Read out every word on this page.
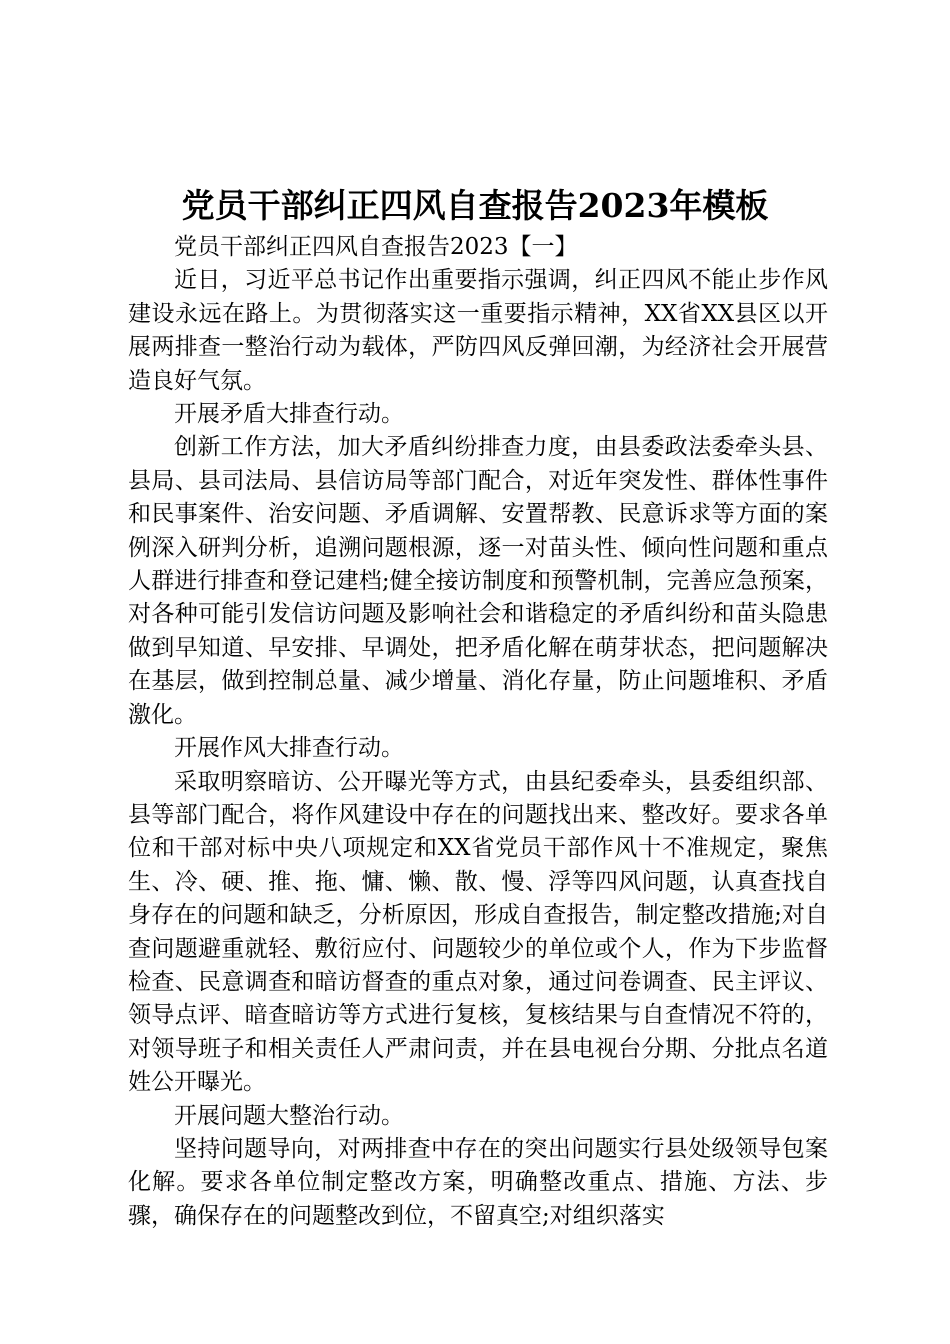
党员干部纠正四风自查报告2023年模板

党员干部纠正四风自查报告2023【一】

近日，习近平总书记作出重要指示强调，纠正四风不能止步作风建设永远在路上。为贯彻落实这一重要指示精神，XX省XX县区以开展两排查一整治行动为载体，严防四风反弹回潮，为经济社会开展营造良好气氛。

开展矛盾大排查行动。

创新工作方法，加大矛盾纠纷排查力度，由县委政法委牵头县、县局、县司法局、县信访局等部门配合，对近年突发性、群体性事件和民事案件、治安问题、矛盾调解、安置帮教、民意诉求等方面的案例深入研判分析，追溯问题根源，逐一对苗头性、倾向性问题和重点人群进行排查和登记建档;健全接访制度和预警机制，完善应急预案，对各种可能引发信访问题及影响社会和谐稳定的矛盾纠纷和苗头隐患做到早知道、早安排、早调处，把矛盾化解在萌芽状态，把问题解决在基层，做到控制总量、减少增量、消化存量，防止问题堆积、矛盾激化。

开展作风大排查行动。

采取明察暗访、公开曝光等方式，由县纪委牵头，县委组织部、县等部门配合，将作风建设中存在的问题找出来、整改好。要求各单位和干部对标中央八项规定和XX省党员干部作风十不准规定，聚焦生、冷、硬、推、拖、慵、懒、散、慢、浮等四风问题，认真查找自身存在的问题和缺乏，分析原因，形成自查报告，制定整改措施;对自查问题避重就轻、敷衍应付、问题较少的单位或个人，作为下步监督检查、民意调查和暗访督查的重点对象，通过问卷调查、民主评议、领导点评、暗查暗访等方式进行复核，复核结果与自查情况不符的，对领导班子和相关责任人严肃问责，并在县电视台分期、分批点名道姓公开曝光。

开展问题大整治行动。

坚持问题导向，对两排查中存在的突出问题实行县处级领导包案化解。要求各单位制定整改方案，明确整改重点、措施、方法、步骤，确保存在的问题整改到位，不留真空;对组织落实
